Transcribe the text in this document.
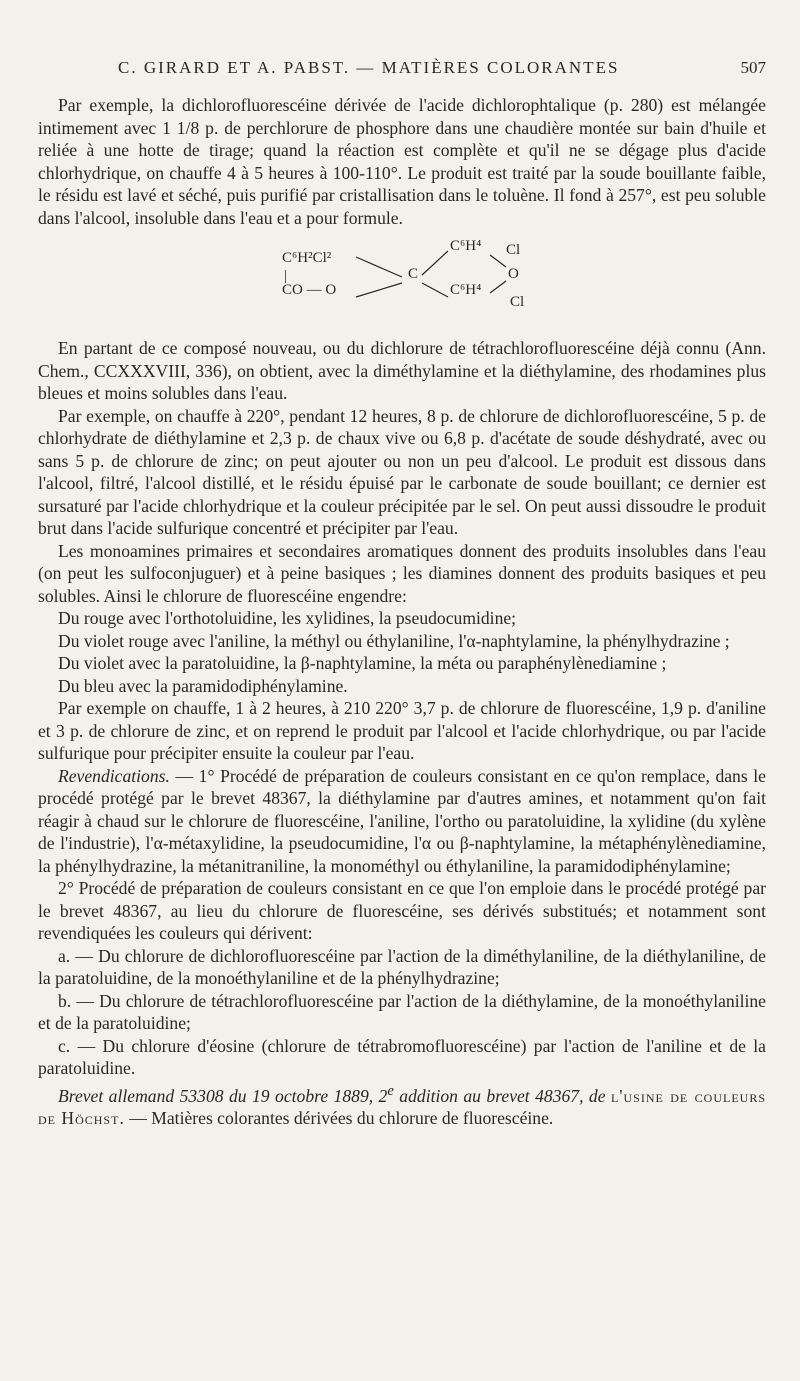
C. GIRARD ET A. PABST. — MATIÈRES COLORANTES	507

Par exemple, la dichlorofluorescéine dérivée de l'acide dichlorophtalique (p. 280) est mélangée intimement avec 1 1/8 p. de perchlorure de phosphore dans une chaudière montée sur bain d'huile et reliée à une hotte de tirage; quand la réaction est complète et qu'il ne se dégage plus d'acide chlorhydrique, on chauffe 4 à 5 heures à 100-110°. Le produit est traité par la soude bouillante faible, le résidu est lavé et séché, puis purifié par cristallisation dans le toluène. Il fond à 257°, est peu soluble dans l'alcool, insoluble dans l'eau et a pour formule.

C⁶H²Cl²
|
CO — O
C
C⁶H⁴
C⁶H⁴
Cl
O
Cl

En partant de ce composé nouveau, ou du dichlorure de tétrachlorofluorescéine déjà connu (Ann. Chem., CCXXXVIII, 336), on obtient, avec la diméthylamine et la diéthylamine, des rhodamines plus bleues et moins solubles dans l'eau.

Par exemple, on chauffe à 220°, pendant 12 heures, 8 p. de chlorure de dichlorofluorescéine, 5 p. de chlorhydrate de diéthylamine et 2,3 p. de chaux vive ou 6,8 p. d'acétate de soude déshydraté, avec ou sans 5 p. de chlorure de zinc; on peut ajouter ou non un peu d'alcool. Le produit est dissous dans l'alcool, filtré, l'alcool distillé, et le résidu épuisé par le carbonate de soude bouillant; ce dernier est sursaturé par l'acide chlorhydrique et la couleur précipitée par le sel. On peut aussi dissoudre le produit brut dans l'acide sulfurique concentré et précipiter par l'eau.

Les monoamines primaires et secondaires aromatiques donnent des produits insolubles dans l'eau (on peut les sulfoconjuguer) et à peine basiques ; les diamines donnent des produits basiques et peu solubles. Ainsi le chlorure de fluorescéine engendre:

Du rouge avec l'orthotoluidine, les xylidines, la pseudocumidine;

Du violet rouge avec l'aniline, la méthyl ou éthylaniline, l'α-naphtylamine, la phénylhydrazine ;

Du violet avec la paratoluidine, la β-naphtylamine, la méta ou paraphénylènediamine ;

Du bleu avec la paramidodiphénylamine.

Par exemple on chauffe, 1 à 2 heures, à 210 220° 3,7 p. de chlorure de fluorescéine, 1,9 p. d'aniline et 3 p. de chlorure de zinc, et on reprend le produit par l'alcool et l'acide chlorhydrique, ou par l'acide sulfurique pour précipiter ensuite la couleur par l'eau.

Revendications. — 1° Procédé de préparation de couleurs consistant en ce qu'on remplace, dans le procédé protégé par le brevet 48367, la diéthylamine par d'autres amines, et notamment qu'on fait réagir à chaud sur le chlorure de fluorescéine, l'aniline, l'ortho ou paratoluidine, la xylidine (du xylène de l'industrie), l'α-métaxylidine, la pseudocumidine, l'α ou β-naphtylamine, la métaphénylènediamine, la phénylhydrazine, la métanitraniline, la monométhyl ou éthylaniline, la paramidodiphénylamine;

2° Procédé de préparation de couleurs consistant en ce que l'on emploie dans le procédé protégé par le brevet 48367, au lieu du chlorure de fluorescéine, ses dérivés substitués; et notamment sont revendiquées les couleurs qui dérivent:

a. — Du chlorure de dichlorofluorescéine par l'action de la diméthylaniline, de la diéthylaniline, de la paratoluidine, de la monoéthylaniline et de la phénylhydrazine;

b. — Du chlorure de tétrachlorofluorescéine par l'action de la diéthylamine, de la monoéthylaniline et de la paratoluidine;

c. — Du chlorure d'éosine (chlorure de tétrabromofluorescéine) par l'action de l'aniline et de la paratoluidine.

Brevet allemand 53308 du 19 octobre 1889, 2e addition au brevet 48367, de l'usine de couleurs de Höchst. — Matières colorantes dérivées du chlorure de fluorescéine.
